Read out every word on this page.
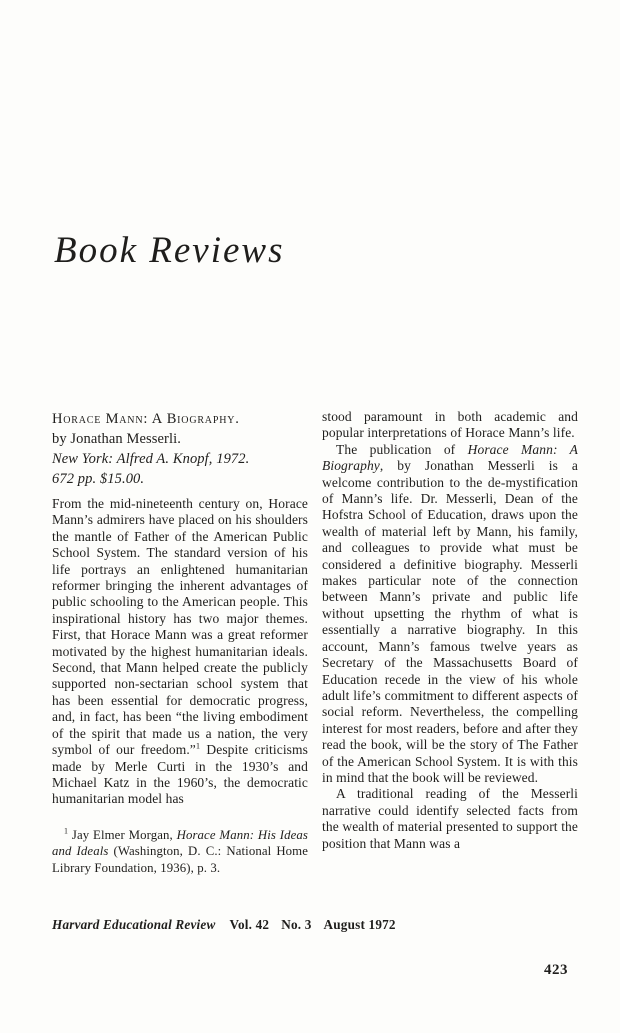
Book Reviews
Horace Mann: A Biography.
by Jonathan Messerli.
New York: Alfred A. Knopf, 1972.
672 pp. $15.00.

From the mid-nineteenth century on, Horace Mann’s admirers have placed on his shoulders the mantle of Father of the American Public School System. The standard version of his life portrays an enlightened humanitarian reformer bringing the inherent advantages of public schooling to the American people. This inspirational history has two major themes. First, that Horace Mann was a great reformer motivated by the highest humanitarian ideals. Second, that Mann helped create the publicly supported non-sectarian school system that has been essential for democratic progress, and, in fact, has been “the living embodiment of the spirit that made us a nation, the very symbol of our freedom.”$^1$ Despite criticisms made by Merle Curti in the 1930’s and Michael Katz in the 1960’s, the democratic humanitarian model has

$^1$ Jay Elmer Morgan, Horace Mann: His Ideas and Ideals (Washington, D. C.: National Home Library Foundation, 1936), p. 3.

stood paramount in both academic and popular interpretations of Horace Mann’s life.

The publication of Horace Mann: A Biography, by Jonathan Messerli is a welcome contribution to the de-mystification of Mann’s life. Dr. Messerli, Dean of the Hofstra School of Education, draws upon the wealth of material left by Mann, his family, and colleagues to provide what must be considered a definitive biography. Messerli makes particular note of the connection between Mann’s private and public life without upsetting the rhythm of what is essentially a narrative biography. In this account, Mann’s famous twelve years as Secretary of the Massachusetts Board of Education recede in the view of his whole adult life’s commitment to different aspects of social reform. Nevertheless, the compelling interest for most readers, before and after they read the book, will be the story of The Father of the American School System. It is with this in mind that the book will be reviewed.

A traditional reading of the Messerli narrative could identify selected facts from the wealth of material presented to support the position that Mann was a

Harvard Educational Review Vol. 42 No. 3 August 1972
423
